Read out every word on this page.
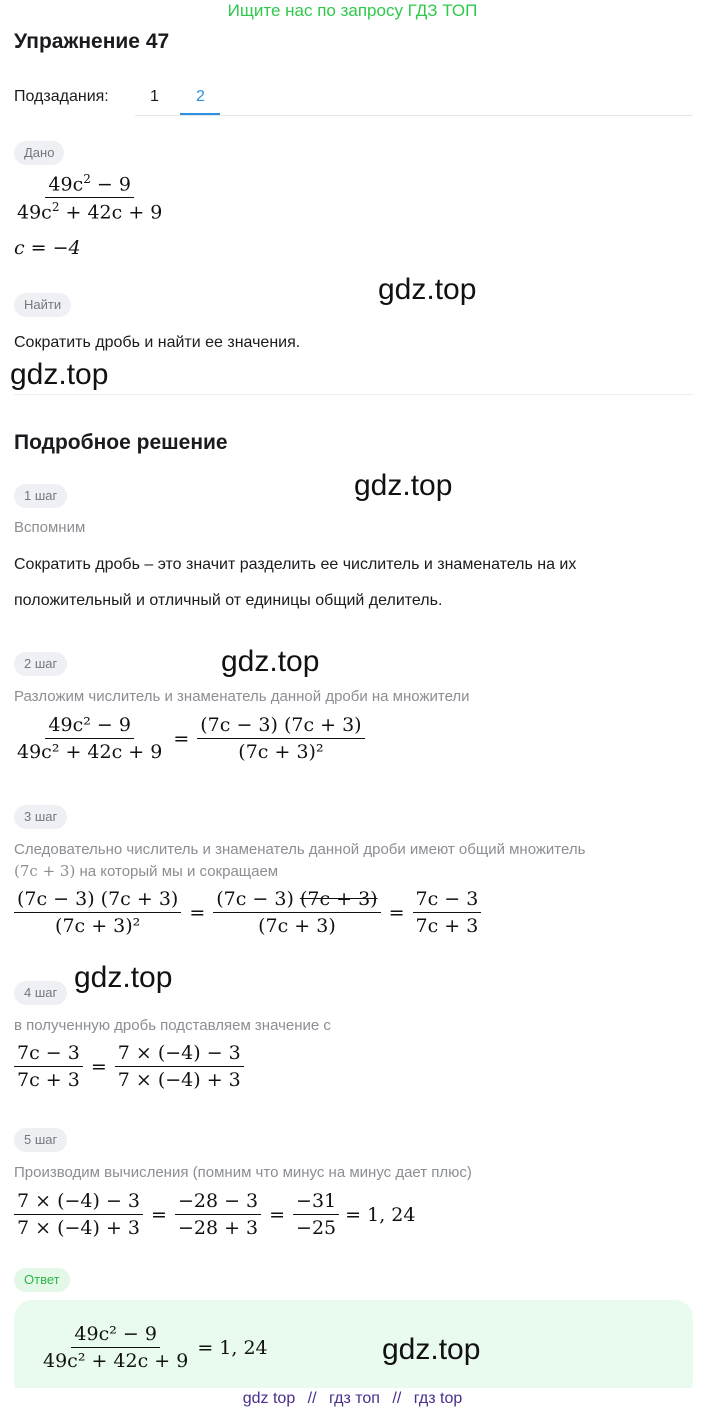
Ищите нас по запросу ГДЗ ТОП
Упражнение 47
Подзадания:	1 2
Дано
$\frac{49c^2 - 9}{49c^2 + 42c + 9}$
c = −4
Найти	gdz.top
Сократить дробь и найти ее значения.
gdz.top
Подробное решение
gdz.top
1 шаг
Вспомним
Сократить дробь – это значит разделить ее числитель и знаменатель на их
положительный и отличный от единицы общий делитель.
2 шаг	gdz.top
Разложим числитель и знаменатель данной дроби на множители
$\frac{\text{49c² − 9}}{\text{49c² + 42c + 9}} = \frac{(7c - 3) (7c + 3)}{\text{(7c + 3)²}}$
3 шаг
Следовательно числитель и знаменатель данной дроби имеют общий множитель
(7c + 3) на который мы и сокращаем
$\frac{(7c - 3) (7c + 3)}{\text{(7c + 3)²}} = \frac{(7c - 3) (7c + 3)}{(7c + 3)} = \frac{7c - 3}{7c + 3}$
gdz.top
4 шаг
в полученную дробь подставляем значение с
$\frac{7c - 3}{7c + 3} = \frac{7 \times (-4) - 3}{7 \times (-4) + 3}$
5 шаг
Производим вычисления (помним что минус на минус дает плюс)
$\frac{7 \times (-4) - 3}{7 \times (-4) + 3} = \frac{-28 - 3}{-28 + 3} = \frac{-31}{-25} = 1$, 24
Ответ
$\frac{\text{49c² − 9}}{\text{49c² + 42c + 9}} = 1$, 24	gdz.top
gdz top // гдз топ // гдз top
